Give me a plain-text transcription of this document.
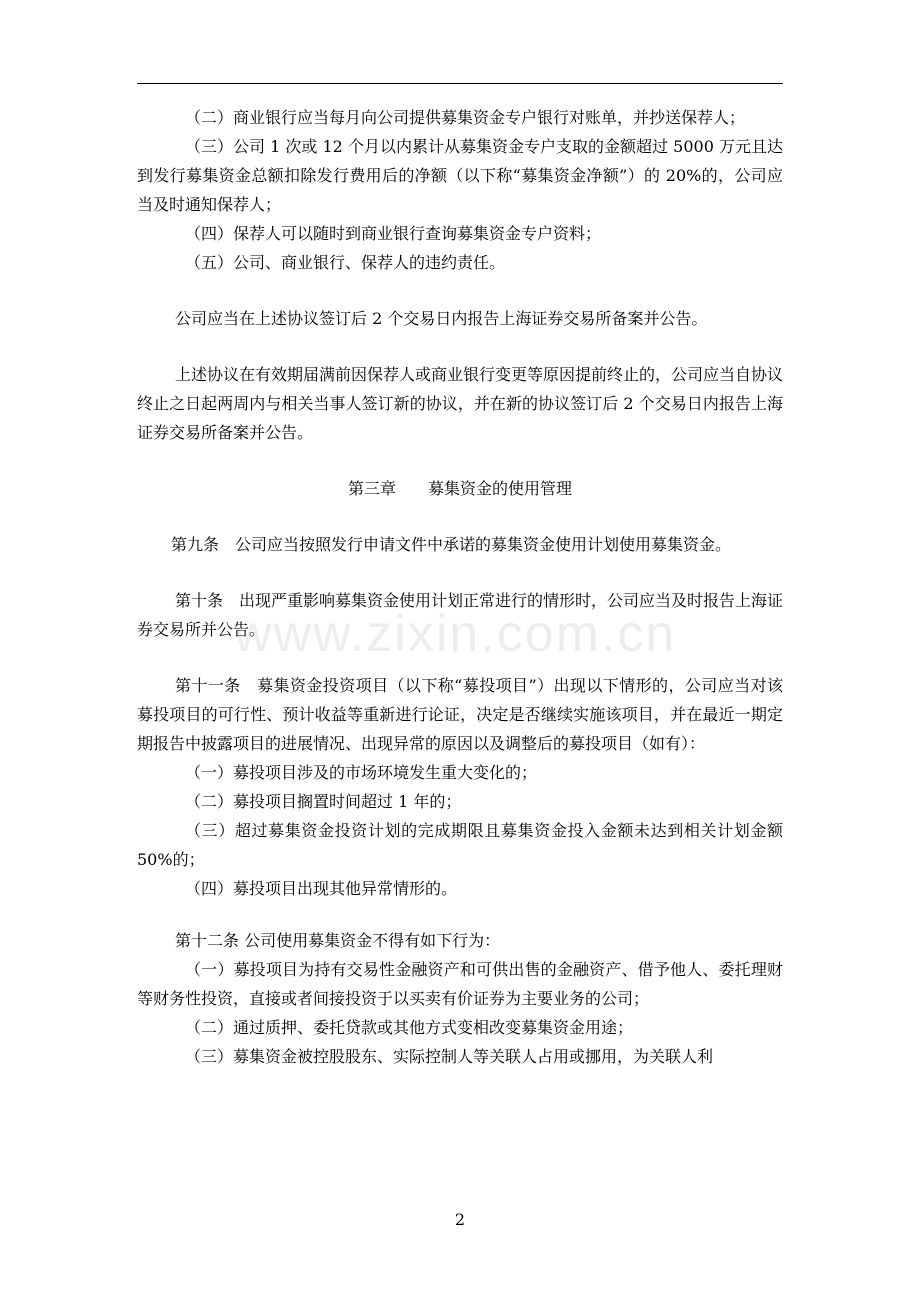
（二）商业银行应当每月向公司提供募集资金专户银行对账单，并抄送保荐人；

（三）公司 1 次或 12 个月以内累计从募集资金专户支取的金额超过 5000 万元且达到发行募集资金总额扣除发行费用后的净额（以下称“募集资金净额”）的 20%的，公司应当及时通知保荐人；

（四）保荐人可以随时到商业银行查询募集资金专户资料；

（五）公司、商业银行、保荐人的违约责任。

公司应当在上述协议签订后 2 个交易日内报告上海证券交易所备案并公告。

上述协议在有效期届满前因保荐人或商业银行变更等原因提前终止的，公司应当自协议终止之日起两周内与相关当事人签订新的协议，并在新的协议签订后 2 个交易日内报告上海证券交易所备案并公告。

第三章　　募集资金的使用管理

第九条　公司应当按照发行申请文件中承诺的募集资金使用计划使用募集资金。

第十条　出现严重影响募集资金使用计划正常进行的情形时，公司应当及时报告上海证券交易所并公告。

第十一条　募集资金投资项目（以下称“募投项目”）出现以下情形的，公司应当对该募投项目的可行性、预计收益等重新进行论证，决定是否继续实施该项目，并在最近一期定期报告中披露项目的进展情况、出现异常的原因以及调整后的募投项目（如有）：

（一）募投项目涉及的市场环境发生重大变化的；

（二）募投项目搁置时间超过 1 年的；

（三）超过募集资金投资计划的完成期限且募集资金投入金额未达到相关计划金额 50%的；

（四）募投项目出现其他异常情形的。

第十二条 公司使用募集资金不得有如下行为：

（一）募投项目为持有交易性金融资产和可供出售的金融资产、借予他人、委托理财等财务性投资，直接或者间接投资于以买卖有价证券为主要业务的公司；

（二）通过质押、委托贷款或其他方式变相改变募集资金用途；

（三）募集资金被控股股东、实际控制人等关联人占用或挪用，为关联人利

www.zixin.com.cn
2
